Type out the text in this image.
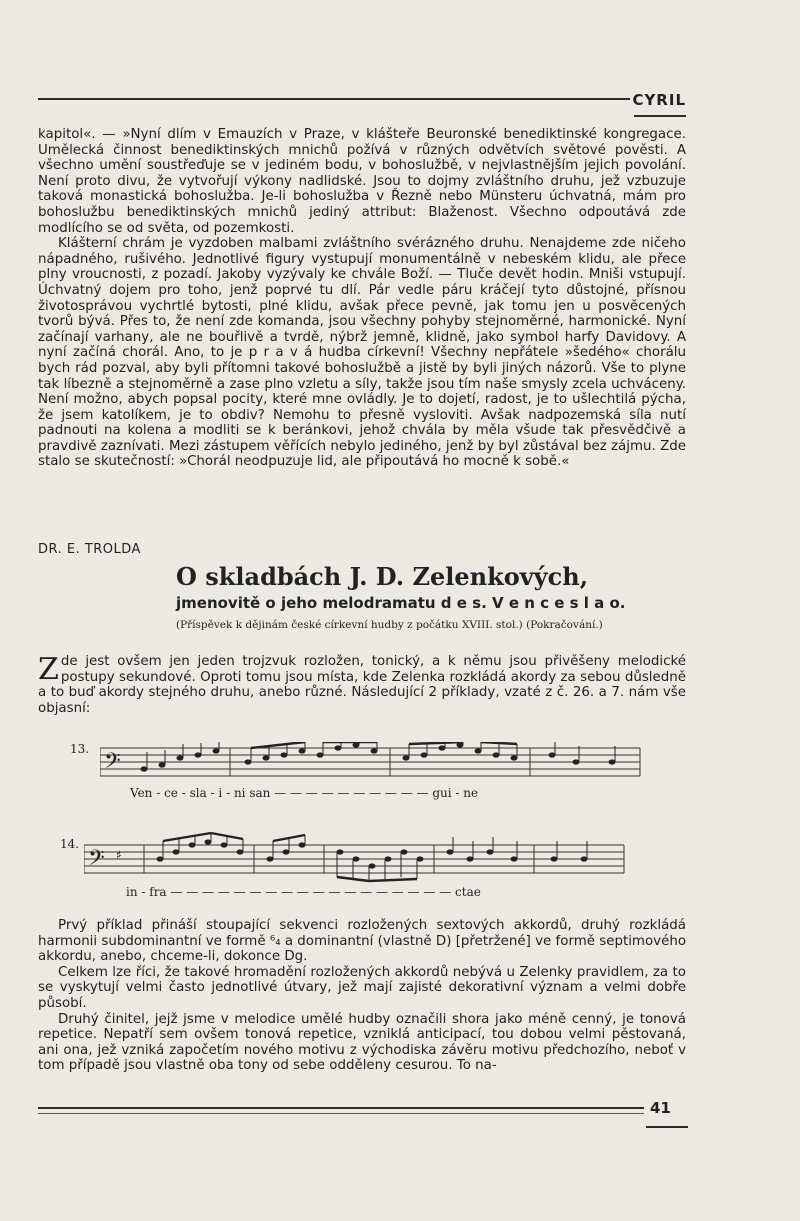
CYRIL

kapitol«. — »Nyní dlím v Emauzích v Praze, v klášteře Beuronské benediktinské kongregace. Umělecká činnost benediktinských mnichů požívá v různých odvětvích světové pověsti. A všechno umění soustřeďuje se v jediném bodu, v bohoslužbě, v nejvlastnějším jejich povolání. Není proto divu, že vytvořují výkony nadlidské. Jsou to dojmy zvláštního druhu, jež vzbuzuje taková monastická bohoslužba. Je-li bohoslužba v Řezně nebo Münsteru úchvatná, mám pro bohoslužbu benediktinských mnichů jediný attribut: Blaženost. Všechno odpoutává zde modlícího se od světa, od pozemkosti.

Klášterní chrám je vyzdoben malbami zvláštního svérázného druhu. Nenajdeme zde ničeho nápadného, rušivého. Jednotlivé figury vystupují monumentálně v nebeském klidu, ale přece plny vroucnosti, z pozadí. Jakoby vyzývaly ke chvále Boží. — Tluče devět hodin. Mniši vstupují. Úchvatný dojem pro toho, jenž poprvé tu dlí. Pár vedle páru kráčejí tyto důstojné, přísnou životosprávou vychrtlé bytosti, plné klidu, avšak přece pevně, jak tomu jen u posvěcených tvorů bývá. Přes to, že není zde komanda, jsou všechny pohyby stejnoměrné, harmonické. Nyní začínají varhany, ale ne bouřlivě a tvrdě, nýbrž jemně, klidně, jako symbol harfy Davidovy. A nyní začíná chorál. Ano, to je p r a v á hudba církevní! Všechny nepřátele »šedého« chorálu bych rád pozval, aby byli přítomni takové bohoslužbě a jistě by byli jiných názorů. Vše to plyne tak líbezně a stejnoměrně a zase plno vzletu a síly, takže jsou tím naše smysly zcela uchváceny. Není možno, abych popsal pocity, které mne ovládly. Je to dojetí, radost, je to ušlechtilá pýcha, že jsem katolíkem, je to obdiv? Nemohu to přesně vysloviti. Avšak nadpozemská síla nutí padnouti na kolena a modliti se k beránkovi, jehož chvála by měla všude tak přesvědčivě a pravdivě zaznívati. Mezi zástupem věřících nebylo jediného, jenž by byl zůstával bez zájmu. Zde stalo se skutečností: »Chorál neodpuzuje lid, ale připoutává ho mocně k sobě.«

DR. E. TROLDA
O skladbách J. D. Zelenkových,
jmenovitě o jeho melodramatu d e s. V e n c e s l a o.
(Příspěvek k dějinám české církevní hudby z počátku XVIII. stol.) (Pokračování.)

Zde jest ovšem jen jeden trojzvuk rozložen, tonický, a k němu jsou přivěšeny melodické postupy sekundové. Oproti tomu jsou místa, kde Zelenka rozkládá akordy za sebou důsledně a to buď akordy stejného druhu, anebo různé. Následující 2 příklady, vzaté z č. 26. a 7. nám vše objasní:

13. 𝄢
Ven - ce - sla - i - ni san — — — — — — — — — — gui - ne
14.
𝄢 ♯
in - fra — — — — — — — — — — — — — — — — — — ctae

Prvý příklad přináší stoupající sekvenci rozložených sextových akkordů, druhý rozkládá harmonii subdominantní ve formě ⁶₄ a dominantní (vlastně D) [přetržené] ve formě septimového akkordu, anebo, chceme-li, dokonce Dg.

Celkem lze říci, že takové hromadění rozložených akkordů nebývá u Zelenky pravidlem, za to se vyskytují velmi často jednotlivé útvary, jež mají zajisté dekorativní význam a velmi dobře působí.

Druhý činitel, jejž jsme v melodice umělé hudby označili shora jako méně cenný, je tonová repetice. Nepatří sem ovšem tonová repetice, vzniklá anticipací, tou dobou velmi pěstovaná, ani ona, jež vzniká započetím nového motivu z východiska závěru motivu předchozího, neboť v tom případě jsou vlastně oba tony od sebe odděleny cesurou. To na-

41
